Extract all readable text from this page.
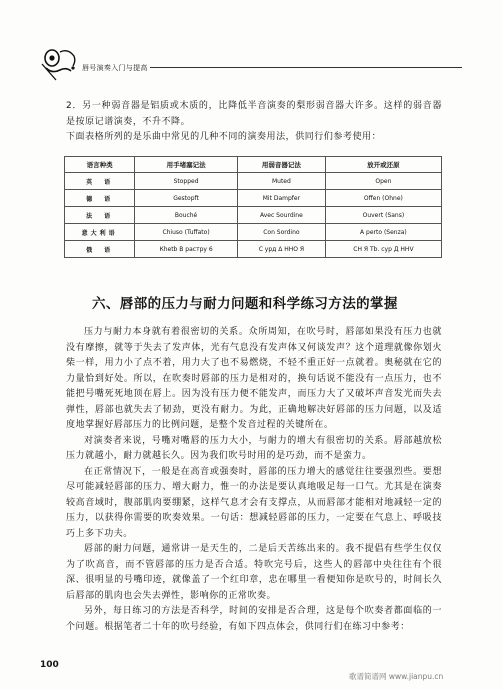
唇号演奏入门与提高

2．另一种弱音器是铝质或木质的，比降低半音演奏的梨形弱音器大许多。这样的弱音器是按原记谱演奏，不升不降。

下面表格所列的是乐曲中常见的几种不同的演奏用法，供同行们参考使用：

语言种类	用手堵塞记法	用弱音器记法	放开或还原
英　语	Stopped	Muted	Open
德　语	Gestopft	Mit Dampfer	Offen (Ohne)
法　语	Bouché	Avec Sourdine	Ouvert (Sans)
意大利语	Chiuso (Tuffato)	Con Sordino	A perto (Senza)
俄　语	Кhetb B pacтpy 6	C урд Δ HHO Я	CH Я Tb. сур Д HHV
六、唇部的压力与耐力问题和科学练习方法的掌握

压力与耐力本身就有着很密切的关系。众所周知，在吹号时，唇部如果没有压力也就没有摩擦，就等于失去了发声体，光有气息没有发声体又何谈发声？这个道理就像你划火柴一样，用力小了点不着，用力大了也不易燃烧，不轻不重正好一点就着。奥秘就在它的力量恰到好处。所以，在吹奏时唇部的压力是相对的，换句话说不能没有一点压力，也不能把号嘴死死地顶在唇上。因为没有压力便不能发声，而压力大了又破坏声音发光而失去弹性，唇部也就失去了韧劲，更没有耐力。为此，正确地解决好唇部的压力问题，以及适度地掌握好唇部压力的比例问题，是整个发音过程的关键所在。

对演奏者来说，号嘴对嘴唇的压力大小，与耐力的增大有很密切的关系。唇部越放松压力就越小，耐力就越长久。因为我们吹号时用的是巧劲，而不是蛮力。

在正常情况下，一般是在高音或强奏时，唇部的压力增大的感觉往往要强烈些。要想尽可能减轻唇部的压力、增大耐力，惟一的办法是要认真地吸足每一口气。尤其是在演奏较高音域时，腹部肌肉要绷紧，这样气息才会有支撑点，从而唇部才能相对地减轻一定的压力，以获得你需要的吹奏效果。一句话：想减轻唇部的压力，一定要在气息上、呼吸技巧上多下功夫。

唇部的耐力问题，通常讲一是天生的，二是后天苦练出来的。我不提倡有些学生仅仅为了吹高音，而不管唇部的压力是否合适。特吹完号后，这些人的唇部中央往往有个很深、很明显的号嘴印迹，就像盖了一个红印章，忠在哪里一看便知你是吹号的，时间长久后唇部的肌肉也会失去弹性，影响你的正常吹奏。

另外，每日练习的方法是否科学，时间的安排是否合理，这是每个吹奏者都面临的一个问题。根据笔者二十年的吹号经验，有如下四点体会，供同行们在练习中参考：

100
歌谱简谱网 www.jianpu.cn
